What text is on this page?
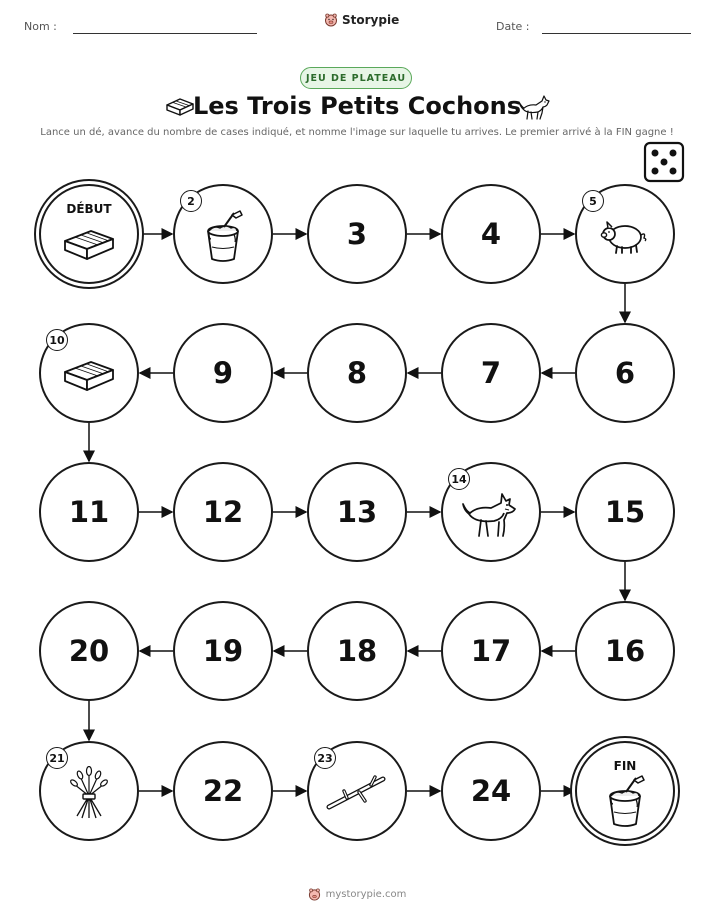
Nom :	Storypie	Date :
JEU DE PLATEAU
Les Trois Petits Cochons
Lance un dé, avance du nombre de cases indiqué, et nomme l'image sur laquelle tu arrives. Le premier arrivé à la FIN gagne !
DÉBUT
2
3	4
5
6
7
8
9
10
11	12	13
14
15
16
17
18
19
20
21
22
23
24
FIN
mystorypie.com
